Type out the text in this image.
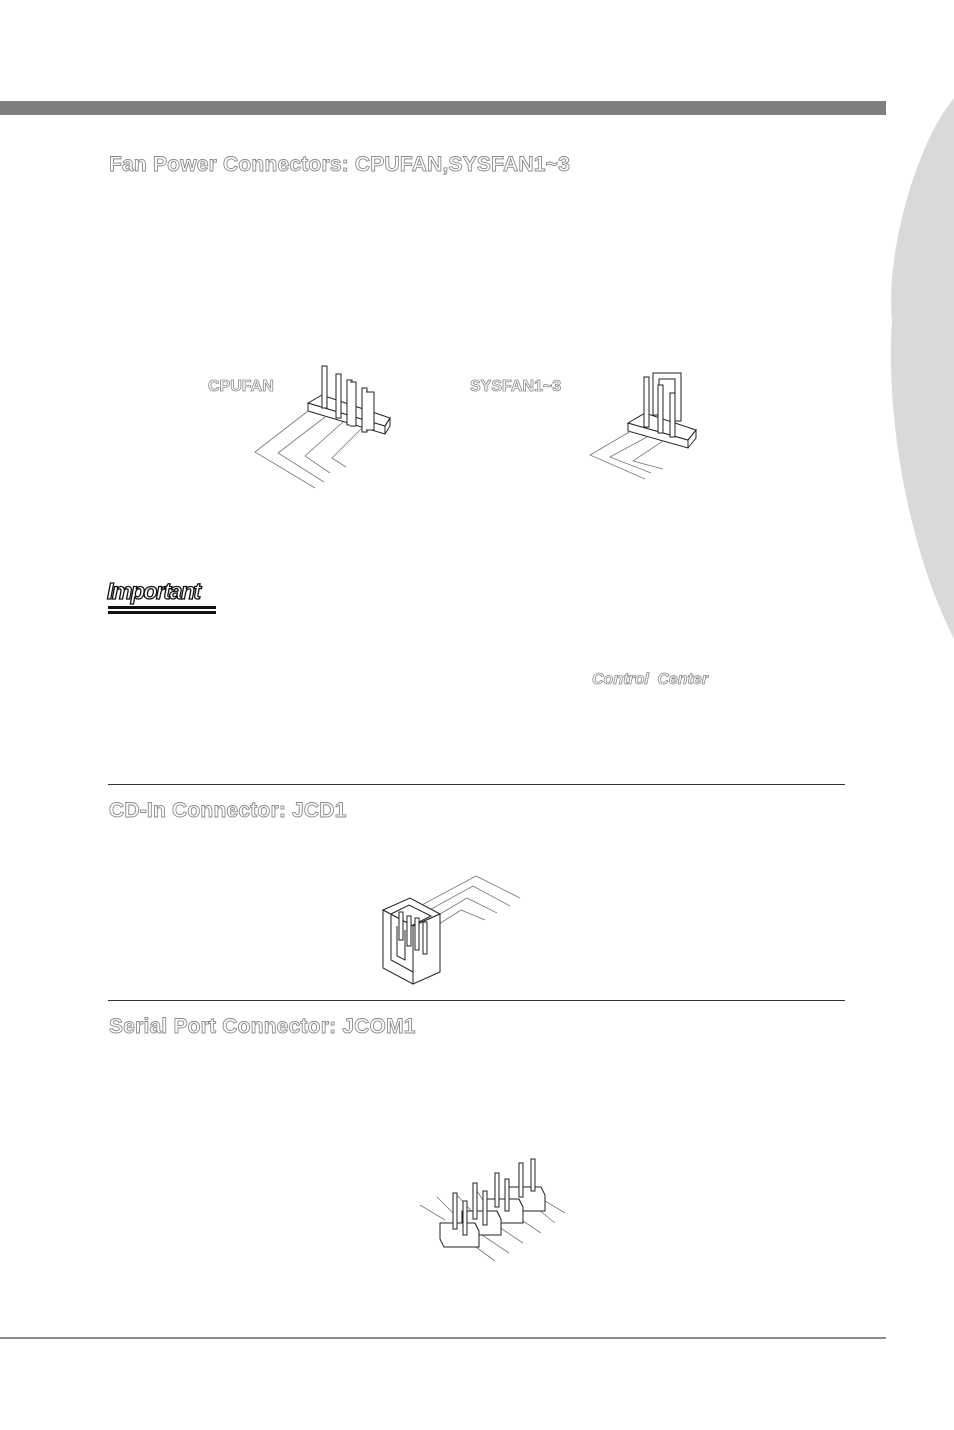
Fan Power Connectors: CPUFAN,SYSFAN1~3
CPUFAN	SYSFAN1~3
Important
Control Center
CD-In Connector: JCD1
Serial Port Connector: JCOM1
